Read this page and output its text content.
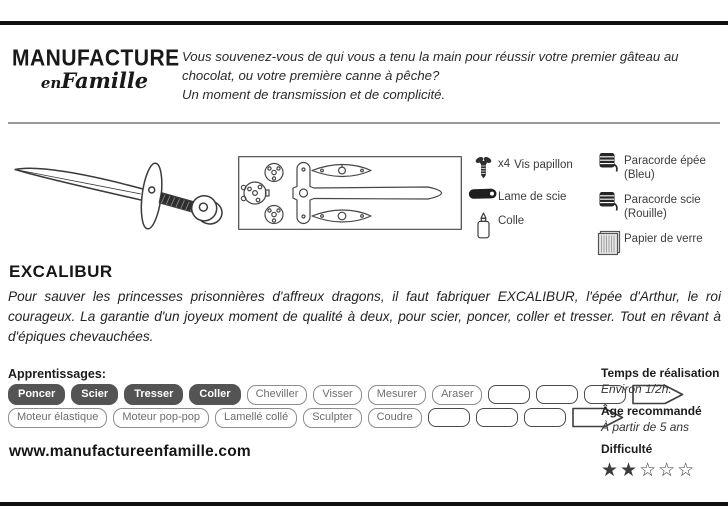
MANUFACTURE
enFamille

Vous souvenez-vous de qui vous a tenu la main pour réussir votre premier gâteau au chocolat, ou votre première canne à pêche?

Un moment de transmission et de complicité.

x4 Vis papillon
Lame de scie
Colle
Paracorde épée
(Bleu)
Paracorde scie
(Rouille)
Papier de verre
EXCALIBUR
Pour sauver les princesses prisonnières d'affreux dragons, il faut fabriquer EXCALIBUR, l'épée d'Arthur, le roi courageux. La garantie d'un joyeux moment de qualité à deux, pour scier, poncer, coller et tresser. Tout en rêvant à d'épiques chevauchées.
Apprentissages:
Poncer	Scier	Tresser	Coller	Cheviller	Visser	Mesurer	Araser
Moteur élastique	Moteur pop-pop	Lamellé collé	Sculpter	Coudre
www.manufactureenfamille.com
Temps de réalisation
Environ 1/2h.
Âge recommandé
À partir de 5 ans
Difficulté
★★☆☆☆
